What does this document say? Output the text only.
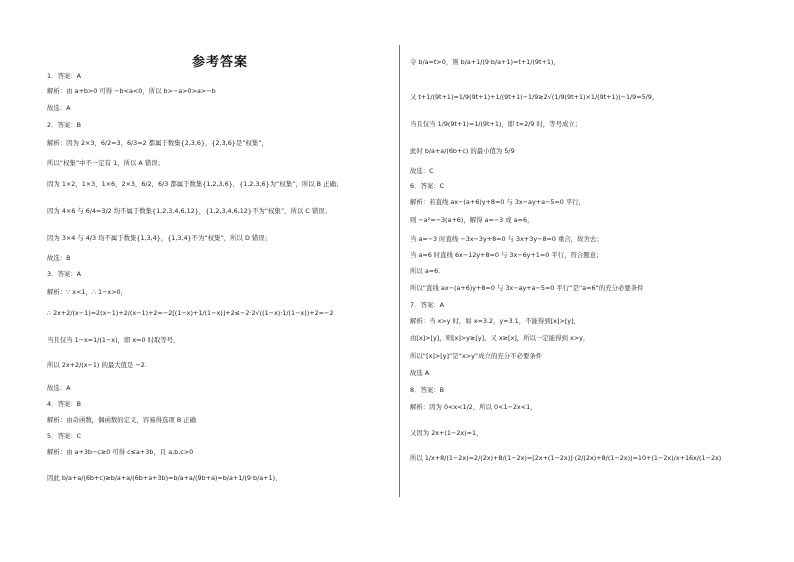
参考答案
1．答案：A
解析：由 a+b>0 可得 −b<a<0，所以 b>−a>0>a>−b
故选：A
2．答案：B
解析：因为 2×3，6/2=3，6/3=2 都属于数集{2,3,6}，{2,3,6}是“权集”，
所以“权集”中不一定有 1，所以 A 错误；
因为 1×2，1×3，1×6，2×3，6/2，6/3 都属于数集{1,2,3,6}，{1,2,3,6}为“权集”，所以 B 正确；
因为 4×6 与 6/4=3/2 均不属于数集{1,2,3,4,6,12}，{1,2,3,4,6,12}不为“权集”，所以 C 错误；
因为 3×4 与 4/3 均不属于数集{1,3,4}，{1,3,4}不为“权集”，所以 D 错误；
故选：B
3．答案：A
解析：∵ x<1，∴ 1−x>0，
∴ 2x+2/(x−1)=2(x−1)+2/(x−1)+2=−2[(1−x)+1/(1−x)]+2≤−2·2√((1−x)·1/(1−x))+2=−2
当且仅当 1−x=1/(1−x)，即 x=0 时取等号，
所以 2x+2/(x−1) 的最大值是 −2.
故选：A
4．答案：B
解析：由奇函数，偶函数的定义，容易得选项 B 正确
5．答案：C
解析：由 a+3b−c≥0 可得 c≤a+3b，且 a,b,c>0
因此 b/a+a/(6b+c)≥b/a+a/(6b+a+3b)=b/a+a/(9b+a)=b/a+1/(9·b/a+1)，
令 b/a=t>0，则 b/a+1/(9·b/a+1)=t+1/(9t+1)，
又 t+1/(9t+1)=1/9(9t+1)+1/(9t+1)−1/9≥2√(1/9(9t+1)×1/(9t+1))−1/9=5/9，
当且仅当 1/9(9t+1)=1/(9t+1)，即 t=2/9 时，等号成立；
此时 b/a+a/(6b+c) 的最小值为 5/9
故选：C
6．答案：C
解析：若直线 ax−(a+6)y+8=0 与 3x−ay+a−5=0 平行，
则 −a²=−3(a+6)，解得 a=−3 或 a=6，
当 a=−3 时直线 −3x−3y+8=0 与 3x+3y−8=0 重合，故舍去；
当 a=6 时直线 6x−12y+8=0 与 3x−6y+1=0 平行，符合题意；
所以 a=6.
所以“直线 ax−(a+6)y+8=0 与 3x−ay+a−5=0 平行”是“a=6”的充分必要条件
7．答案：A
解析：当 x>y 时，如 x=3.2，y=3.1，不能得到[x]>[y]，
由[x]>[y]，则[x]>y≥[y]，又 x≥[x]，所以一定能得到 x>y，
所以“[x]>[y]”是“x>y”成立的充分不必要条件
故选 A
8．答案：B
解析：因为 0<x<1/2，所以 0<1−2x<1，
又因为 2x+(1−2x)=1，
所以 1/x+8/(1−2x)=2/(2x)+8/(1−2x)=[2x+(1−2x)]·(2/(2x)+8/(1−2x))=10+(1−2x)/x+16x/(1−2x)
